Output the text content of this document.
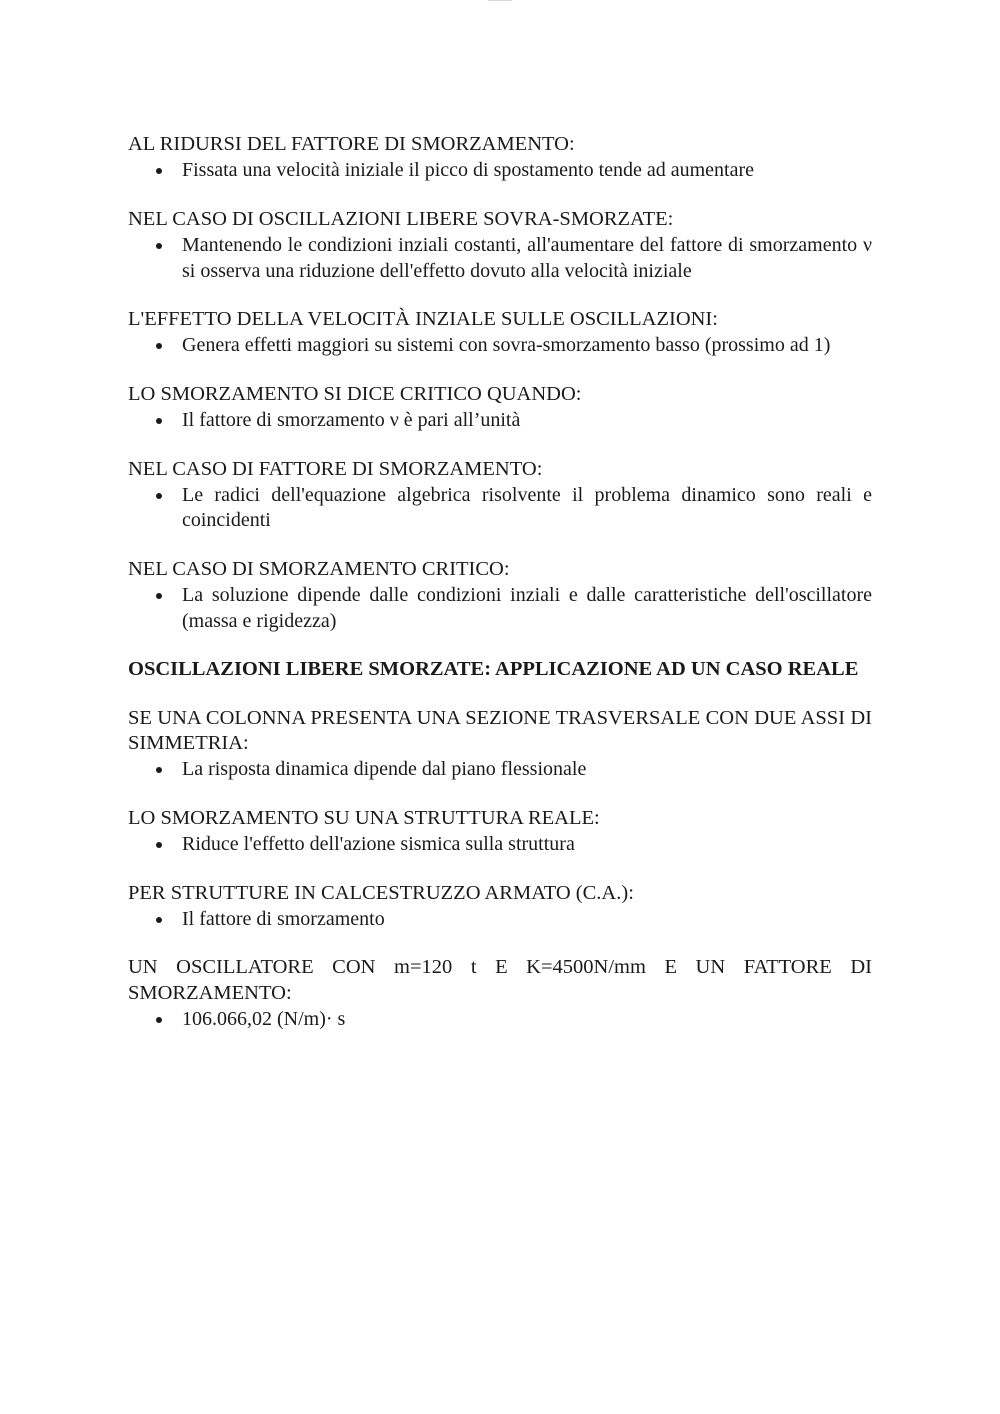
AL RIDURSI DEL FATTORE DI SMORZAMENTO:

Fissata una velocità iniziale il picco di spostamento tende ad aumentare

NEL CASO DI OSCILLAZIONI LIBERE SOVRA-SMORZATE:

Mantenendo le condizioni inziali costanti, all'aumentare del fattore di smorzamento ν si osserva una riduzione dell'effetto dovuto alla velocità iniziale

L'EFFETTO DELLA VELOCITÀ INZIALE SULLE OSCILLAZIONI:

Genera effetti maggiori su sistemi con sovra-smorzamento basso (prossimo ad 1)

LO SMORZAMENTO SI DICE CRITICO QUANDO:

Il fattore di smorzamento ν è pari all’unità

NEL CASO DI FATTORE DI SMORZAMENTO:

Le radici dell'equazione algebrica risolvente il problema dinamico sono reali e coincidenti

NEL CASO DI SMORZAMENTO CRITICO:

La soluzione dipende dalle condizioni inziali e dalle caratteristiche dell'oscillatore (massa e rigidezza)

OSCILLAZIONI LIBERE SMORZATE: APPLICAZIONE AD UN CASO REALE

SE UNA COLONNA PRESENTA UNA SEZIONE TRASVERSALE CON DUE ASSI DI SIMMETRIA:

La risposta dinamica dipende dal piano flessionale

LO SMORZAMENTO SU UNA STRUTTURA REALE:

Riduce l'effetto dell'azione sismica sulla struttura

PER STRUTTURE IN CALCESTRUZZO ARMATO (C.A.):

Il fattore di smorzamento

UN OSCILLATORE CON m=120 t E K=4500N/mm E UN FATTORE DI SMORZAMENTO:

106.066,02 (N/m)· s
